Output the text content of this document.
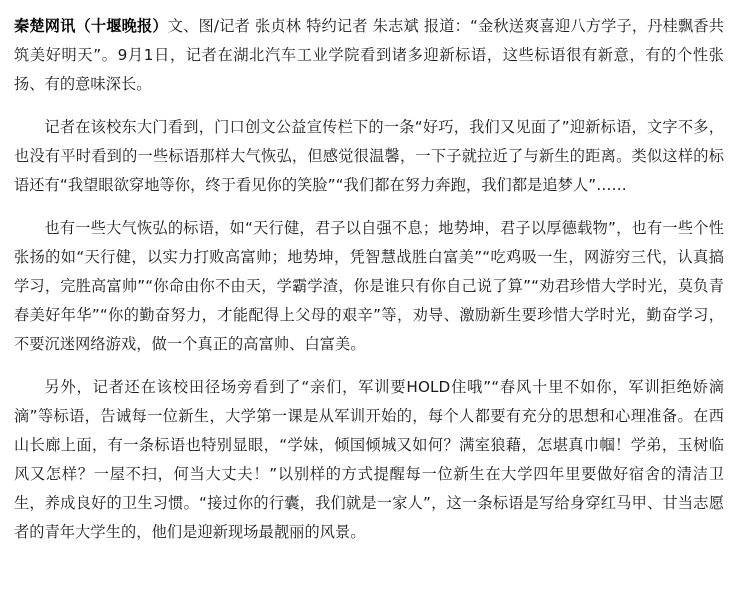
秦楚网讯（十堰晚报）文、图/记者 张贞林 特约记者 朱志斌 报道：“金秋送爽喜迎八方学子，丹桂飘香共筑美好明天”。9月1日，记者在湖北汽车工业学院看到诸多迎新标语，这些标语很有新意，有的个性张扬、有的意味深长。

记者在该校东大门看到，门口创文公益宣传栏下的一条“好巧，我们又见面了”迎新标语，文字不多，也没有平时看到的一些标语那样大气恢弘，但感觉很温馨，一下子就拉近了与新生的距离。类似这样的标语还有“我望眼欲穿地等你，终于看见你的笑脸”“我们都在努力奔跑，我们都是追梦人”……

也有一些大气恢弘的标语，如“天行健，君子以自强不息；地势坤，君子以厚德载物”，也有一些个性张扬的如“天行健，以实力打败高富帅；地势坤，凭智慧战胜白富美”“吃鸡吸一生，网游穷三代，认真搞学习，完胜高富帅”“你命由你不由天，学霸学渣，你是谁只有你自己说了算”“劝君珍惜大学时光，莫负青春美好年华”“你的勤奋努力，才能配得上父母的艰辛”等，劝导、激励新生要珍惜大学时光，勤奋学习，不要沉迷网络游戏，做一个真正的高富帅、白富美。

另外，记者还在该校田径场旁看到了“亲们，军训要HOLD住哦”“春风十里不如你，军训拒绝娇滴滴”等标语，告诫每一位新生，大学第一课是从军训开始的，每个人都要有充分的思想和心理准备。在西山长廊上面，有一条标语也特别显眼，“学妹，倾国倾城又如何？满室狼藉，怎堪真巾帼！学弟，玉树临风又怎样？一屋不扫，何当大丈夫！”以别样的方式提醒每一位新生在大学四年里要做好宿舍的清洁卫生，养成良好的卫生习惯。“接过你的行囊，我们就是一家人”，这一条标语是写给身穿红马甲、甘当志愿者的青年大学生的，他们是迎新现场最靓丽的风景。
